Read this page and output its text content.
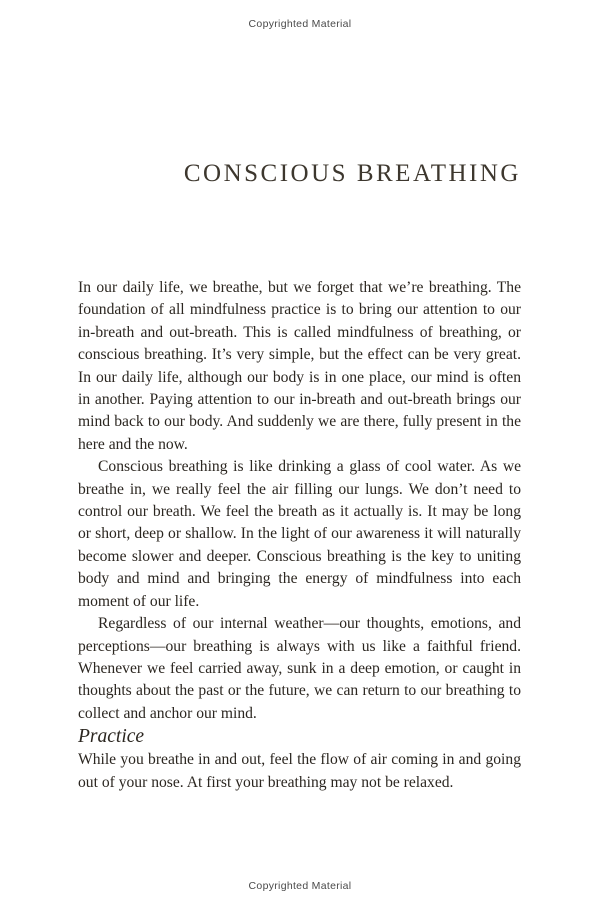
Copyrighted Material
CONSCIOUS BREATHING

In our daily life, we breathe, but we forget that we’re breathing. The foundation of all mindfulness practice is to bring our attention to our in-breath and out-breath. This is called mindfulness of breathing, or conscious breathing. It’s very simple, but the effect can be very great. In our daily life, although our body is in one place, our mind is often in another. Paying attention to our in-breath and out-breath brings our mind back to our body. And suddenly we are there, fully present in the here and the now.

Conscious breathing is like drinking a glass of cool water. As we breathe in, we really feel the air filling our lungs. We don’t need to control our breath. We feel the breath as it actually is. It may be long or short, deep or shallow. In the light of our awareness it will naturally become slower and deeper. Conscious breathing is the key to uniting body and mind and bringing the energy of mindfulness into each moment of our life.

Regardless of our internal weather—our thoughts, emotions, and perceptions—our breathing is always with us like a faithful friend. Whenever we feel carried away, sunk in a deep emotion, or caught in thoughts about the past or the future, we can return to our breathing to collect and anchor our mind.

Practice

While you breathe in and out, feel the flow of air coming in and going out of your nose. At first your breathing may not be relaxed.

Copyrighted Material
